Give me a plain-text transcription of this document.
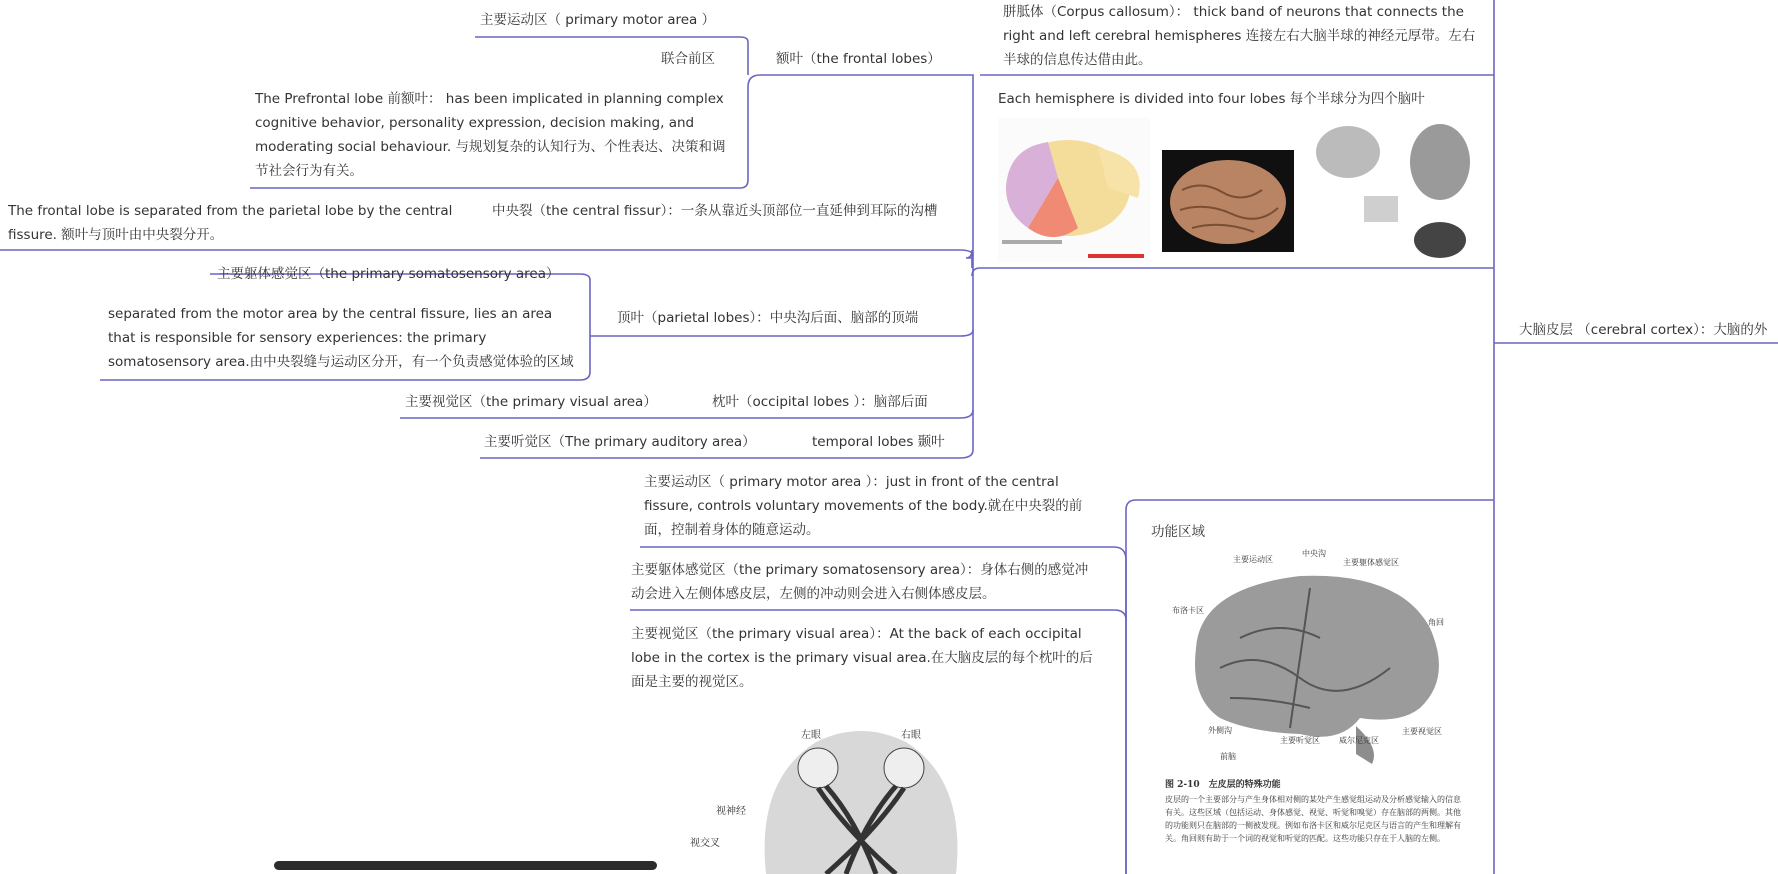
主要运动区（ primary motor area ）
联合前区	额叶（the frontal lobes）
The Prefrontal lobe 前额叶： has been implicated in planning complex cognitive behavior, personality expression, decision making, and moderating social behaviour. 与规划复杂的认知行为、个性表达、决策和调节社会行为有关。
The frontal lobe is separated from the parietal lobe by the central fissure. 额叶与顶叶由中央裂分开。
中央裂（the central fissur）：一条从靠近头顶部位一直延伸到耳际的沟槽
主要躯体感觉区（the primary somatosensory area）
separated from the motor area by the central fissure, lies an area that is responsible for sensory experiences: the primary somatosensory area.由中央裂缝与运动区分开，有一个负责感觉体验的区域
顶叶（parietal lobes）：中央沟后面、脑部的顶端
主要视觉区（the primary visual area）	枕叶（occipital lobes ）：脑部后面
主要听觉区（The primary auditory area）	temporal lobes 颞叶
胼胝体（Corpus callosum）： thick band of neurons that connects the right and left cerebral hemispheres 连接左右大脑半球的神经元厚带。左右半球的信息传达借由此。
Each hemisphere is divided into four lobes 每个半球分为四个脑叶
大脑皮层 （cerebral cortex）：大脑的外
主要运动区（ primary motor area ）：just in front of the central fissure, controls voluntary movements of the body.就在中央裂的前面，控制着身体的随意运动。
主要躯体感觉区（the primary somatosensory area）：身体右侧的感觉冲动会进入左侧体感皮层，左侧的冲动则会进入右侧体感皮层。
主要视觉区（the primary visual area）：At the back of each occipital lobe in the cortex is the primary visual area.在大脑皮层的每个枕叶的后面是主要的视觉区。
功能区域
主要运动区
中央沟
主要躯体感觉区
布洛卡区
角回
外侧沟
主要听觉区 威尔尼克区
主要视觉区
前脑
图 2-10　左皮层的特殊功能
皮层的一个主要部分与产生身体相对侧的某处产生感觉组运动及分析感觉输入的信息有关。这些区域（包括运动、身体感觉、视觉、听觉和嗅觉）存在脑部的两侧。其他的功能则只在脑部的一侧被发现。例如布洛卡区和威尔尼克区与语言的产生和理解有关。角回则有助于一个词的视觉和听觉的匹配。这些功能只存在于人脑的左侧。
左眼	右眼
视神经
视交叉
